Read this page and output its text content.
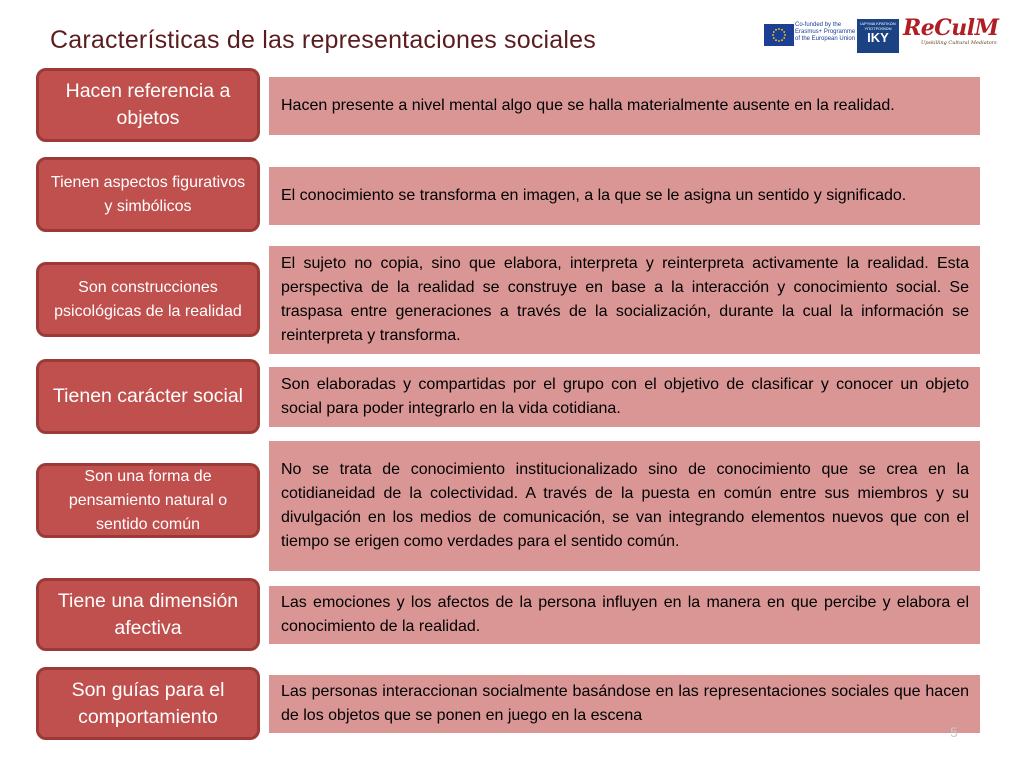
Características de las representaciones sociales
Co-funded by the Erasmus+ Programme of the European Union
ΙΔΡΥΜΑ ΚΡΑΤΙΚΩΝ ΥΠΟΤΡΟΦΙΩΝ
IKY ReCulM
Upskilling Cultural Mediators
Hacen referencia a objetos
Hacen presente a nivel mental algo que se halla materialmente ausente en la realidad.
Tienen aspectos figurativos y simbólicos
El conocimiento se transforma en imagen, a la que se le asigna un sentido y significado.
Son construcciones psicológicas de la realidad
El sujeto no copia, sino que elabora, interpreta y reinterpreta activamente la realidad. Esta perspectiva de la realidad se construye en base a la interacción y conocimiento social. Se traspasa entre generaciones a través de la socialización, durante la cual la información se reinterpreta y transforma.
Tienen carácter social
Son elaboradas y compartidas por el grupo con el objetivo de clasificar y conocer un objeto social para poder integrarlo en la vida cotidiana.
Son una forma de pensamiento natural o sentido común
No se trata de conocimiento institucionalizado sino de conocimiento que se crea en la cotidianeidad de la colectividad. A través de la puesta en común entre sus miembros y su divulgación en los medios de comunicación, se van integrando elementos nuevos que con el tiempo se erigen como verdades para el sentido común.
Tiene una dimensión afectiva
Las emociones y los afectos de la persona influyen en la manera en que percibe y elabora el conocimiento de la realidad.
Son guías para el comportamiento
Las personas interaccionan socialmente basándose en las representaciones sociales que hacen de los objetos que se ponen en juego en la escena
5
